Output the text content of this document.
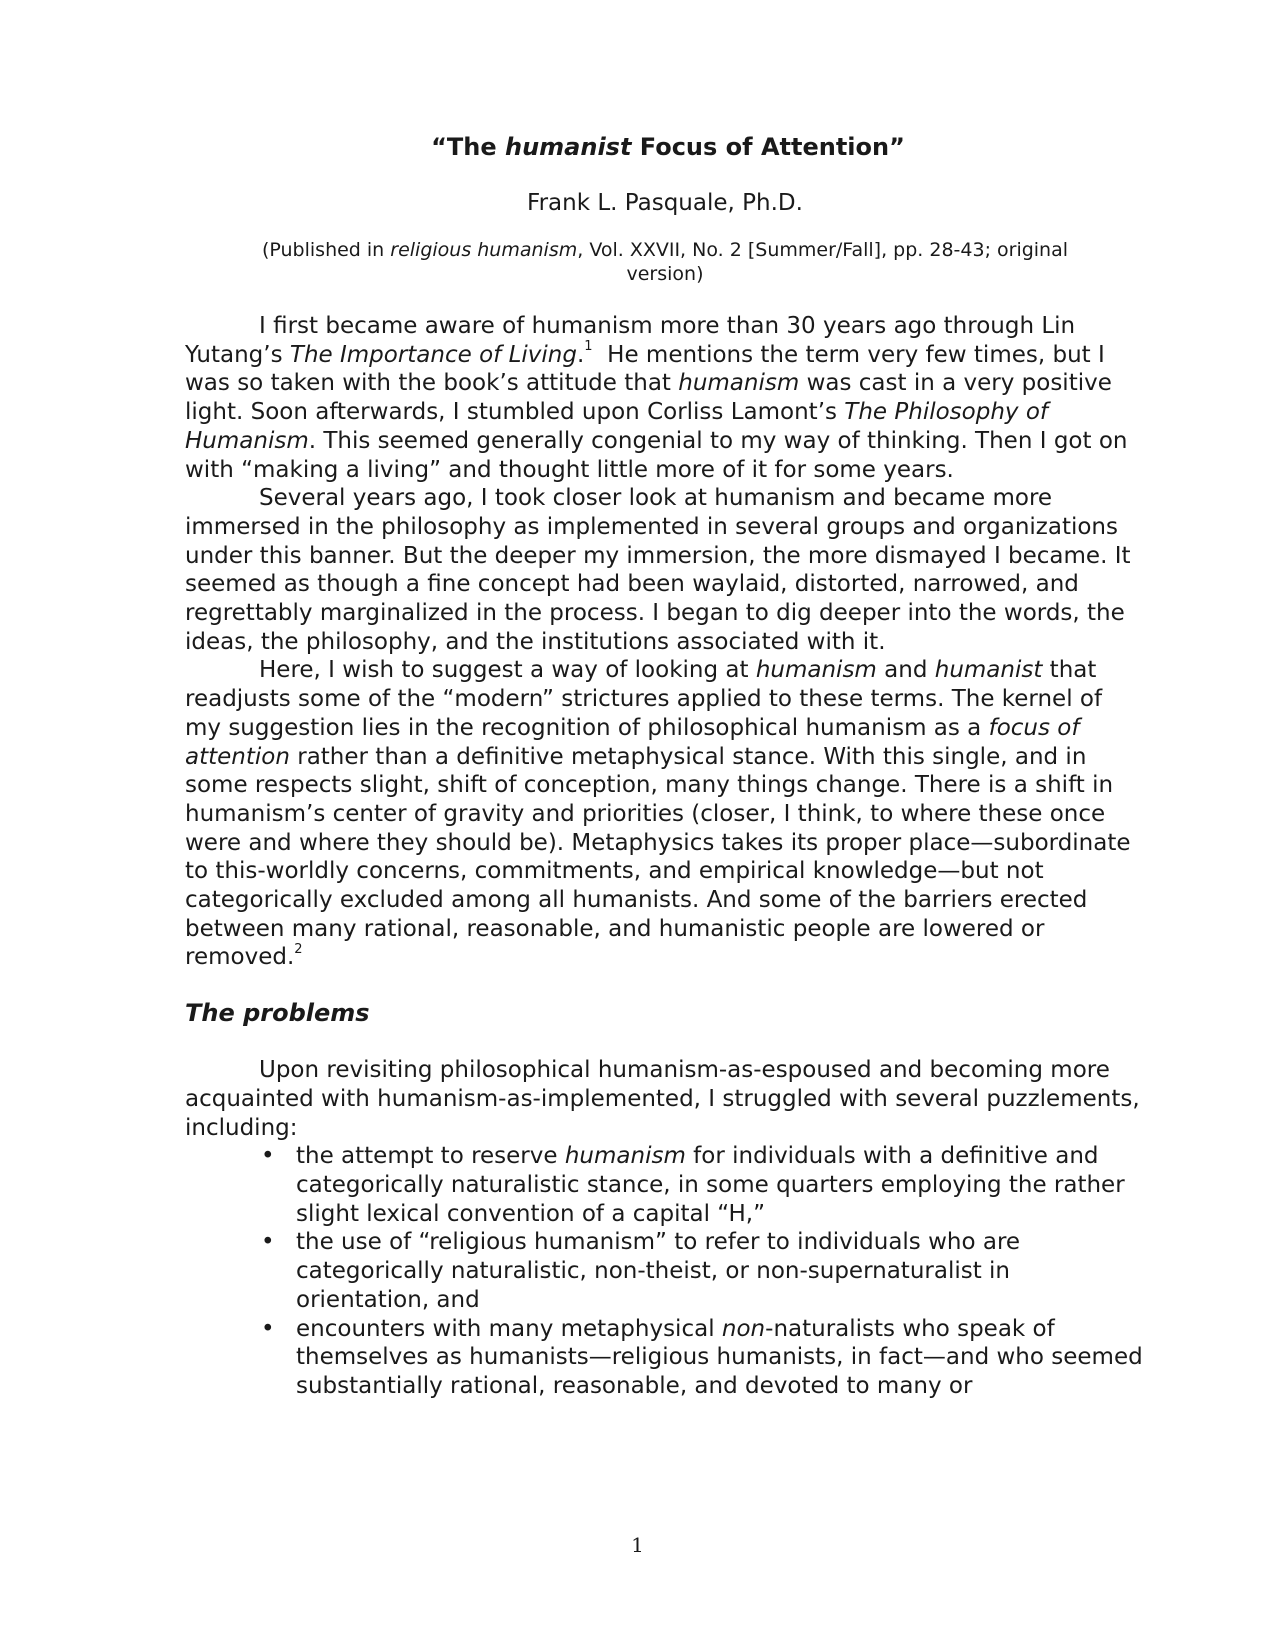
“The humanist Focus of Attention”
Frank L. Pasquale, Ph.D.
(Published in religious humanism, Vol. XXVII, No. 2 [Summer/Fall], pp. 28-43; original version)

I first became aware of humanism more than 30 years ago through Lin Yutang’s The Importance of Living.$^1$  He mentions the term very few times, but I was so taken with the book’s attitude that humanism was cast in a very positive light. Soon afterwards, I stumbled upon Corliss Lamont’s The Philosophy of Humanism. This seemed generally congenial to my way of thinking. Then I got on with “making a living” and thought little more of it for some years.

Several years ago, I took closer look at humanism and became more immersed in the philosophy as implemented in several groups and organizations under this banner. But the deeper my immersion, the more dismayed I became. It seemed as though a fine concept had been waylaid, distorted, narrowed, and regrettably marginalized in the process. I began to dig deeper into the words, the ideas, the philosophy, and the institutions associated with it.

Here, I wish to suggest a way of looking at humanism and humanist that readjusts some of the “modern” strictures applied to these terms. The kernel of my suggestion lies in the recognition of philosophical humanism as a focus of attention rather than a definitive metaphysical stance. With this single, and in some respects slight, shift of conception, many things change. There is a shift in humanism’s center of gravity and priorities (closer, I think, to where these once were and where they should be). Metaphysics takes its proper place—subordinate to this-worldly concerns, commitments, and empirical knowledge—but not categorically excluded among all humanists. And some of the barriers erected between many rational, reasonable, and humanistic people are lowered or removed.$^2$

The problems

Upon revisiting philosophical humanism-as-espoused and becoming more acquainted with humanism-as-implemented, I struggled with several puzzlements, including:

• the attempt to reserve humanism for individuals with a definitive and categorically naturalistic stance, in some quarters employing the rather slight lexical convention of a capital “H,”
• the use of “religious humanism” to refer to individuals who are categorically naturalistic, non-theist, or non-supernaturalist in orientation, and
• encounters with many metaphysical non-naturalists who speak of themselves as humanists—religious humanists, in fact—and who seemed substantially rational, reasonable, and devoted to many or
1
